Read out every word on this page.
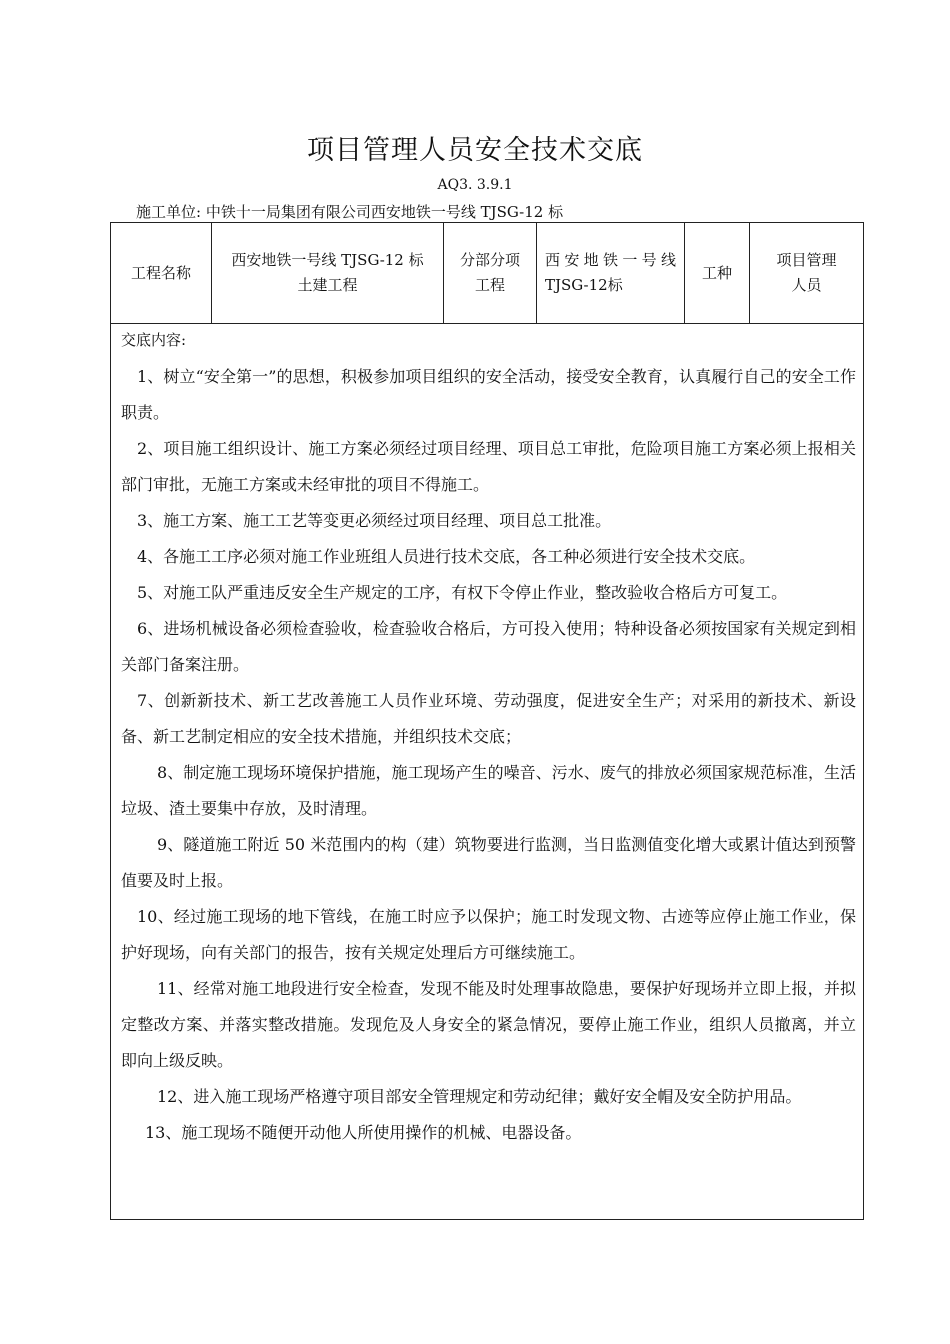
项目管理人员安全技术交底
AQ3. 3.9.1
施工单位: 中铁十一局集团有限公司西安地铁一号线 TJSG-12 标
工程名称
西安地铁一号线 TJSG-12 标土建工程
分部分项工程
西安地铁一号线 TJSG-12标
工种
项目管理人员
交底内容:

1、树立“安全第一”的思想，积极参加项目组织的安全活动，接受安全教育，认真履行自己的安全工作职责。

2、项目施工组织设计、施工方案必须经过项目经理、项目总工审批，危险项目施工方案必须上报相关部门审批，无施工方案或未经审批的项目不得施工。

3、施工方案、施工工艺等变更必须经过项目经理、项目总工批准。

4、各施工工序必须对施工作业班组人员进行技术交底，各工种必须进行安全技术交底。

5、对施工队严重违反安全生产规定的工序，有权下令停止作业，整改验收合格后方可复工。

6、进场机械设备必须检查验收，检查验收合格后，方可投入使用；特种设备必须按国家有关规定到相关部门备案注册。

7、创新新技术、新工艺改善施工人员作业环境、劳动强度，促进安全生产；对采用的新技术、新设备、新工艺制定相应的安全技术措施，并组织技术交底；

8、制定施工现场环境保护措施，施工现场产生的噪音、污水、废气的排放必须国家规范标准，生活垃圾、渣土要集中存放，及时清理。

9、隧道施工附近 50 米范围内的构（建）筑物要进行监测，当日监测值变化增大或累计值达到预警值要及时上报。

10、经过施工现场的地下管线，在施工时应予以保护；施工时发现文物、古迹等应停止施工作业，保护好现场，向有关部门的报告，按有关规定处理后方可继续施工。

11、经常对施工地段进行安全检查，发现不能及时处理事故隐患，要保护好现场并立即上报，并拟定整改方案、并落实整改措施。发现危及人身安全的紧急情况，要停止施工作业，组织人员撤离，并立即向上级反映。

12、进入施工现场严格遵守项目部安全管理规定和劳动纪律；戴好安全帽及安全防护用品。

13、施工现场不随便开动他人所使用操作的机械、电器设备。
